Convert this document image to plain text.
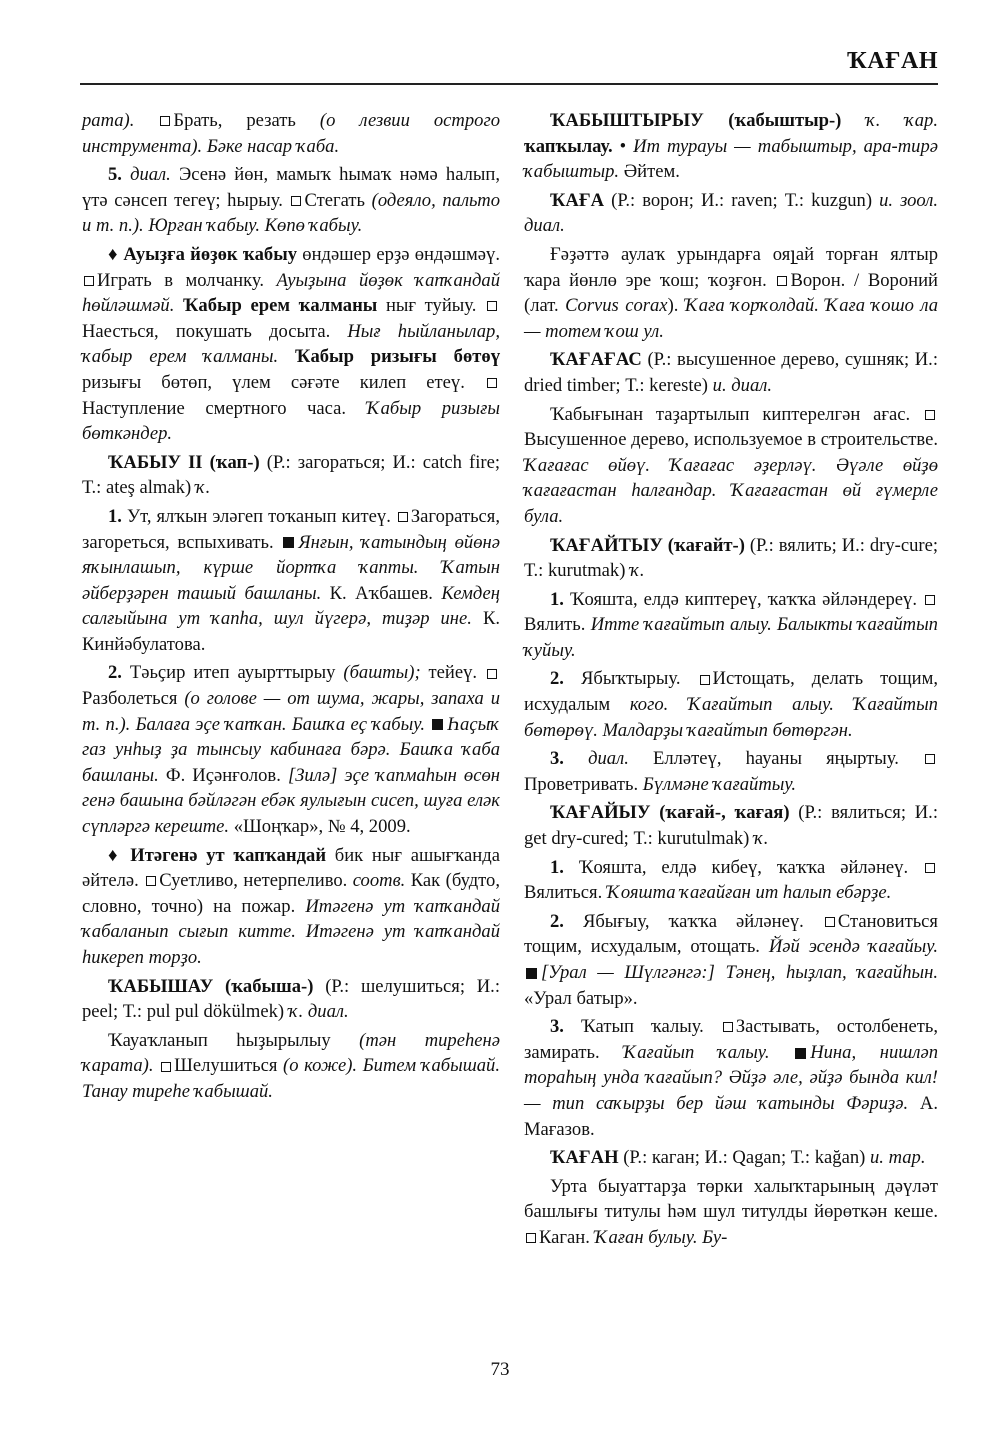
ҠАҒАН

рата). Брать, резать (о лезвии острого инструмента). Бәке насар ҡаба.

5. диал. Эсенә йөн, мамыҡ һымаҡ нәмә һалып, үтә сәнсеп тегеү; һырыу. Стегать (одеяло, пальто и т. п.). Юрған ҡабыу. Көпө ҡабыу.

♦ Ауыҙға йөҙөк ҡабыу өндәшер ерҙә өндәшмәү. Играть в молчанку. Ауыҙына йөҙөк ҡапҡандай һөйләшмәй. Ҡабыр ерем ҡалманы нығ туйыу. Наесться, покушать досыта. Нығ һыйланылар, ҡабыр ерем ҡалманы. Ҡабыр ризығы бөтөү ризығы бөтөп, үлем сәғәте килеп етеү. Наступление смертного часа. Ҡабыр ризығы бөткәндер.

ҠАБЫУ II (ҡап-) (Р.: загораться; И.: catch fire; Т.: ateş almak) ҡ.

1. Ут, ялҡын эләгеп тоҡанып китеү. Загораться, загореться, вспыхивать. Янғын, ҡатындың өйөнә яҡынлашып, күрше йортҡа ҡапты. Ҡатын әйберҙәрен ташый башланы. К. Аҡбашев. Кемдең салғыйына ут ҡапһа, шул йүгерә, тиҙәр ине. К. Кинйәбулатова.

2. Тәьҫир итеп ауырттырыу (башты); тейеү. Разболеться (о голове — от шума, жары, запаха и т. п.). Балаға эҫе ҡапҡан. Башҡа еҫ ҡабыу. Һаҫыҡ газ унһыҙ ҙа тынсыу кабинаға бәрә. Башҡа ҡаба башланы. Ф. Иҫәнғолов. [Зилә] эҫе ҡапмаһын өсөн генә башына бәйләгән ебәк яулығын сисеп, шуға еләк сүпләргә кереште. «Шоңҡар», № 4, 2009.

♦ Итәгенә ут ҡапҡандай бик нығ ашығҡанда әйтелә. Суетливо, нетерпеливо. соотв. Как (будто, словно, точно) на пожар. Итәгенә ут ҡапҡандай ҡабаланып сығып китте. Итәгенә ут ҡапҡандай һикереп торҙо.

ҠАБЫШАУ (ҡабыша-) (Р.: шелушиться; И.: peel; Т.: pul pul dökülmek) ҡ. диал.

Ҡауаҡланып һыҙырылыу (тән тиреһенә ҡарата). Шелушиться (о коже). Битем ҡабышай. Танау тиреһе ҡабышай.

ҠАБЫШТЫРЫУ (ҡабыштыр-) ҡ. ҡар. ҡапҡылау. • Ит турауы — табыштыр, ара-тирә ҡабыштыр. Әйтем.

ҠАҒА (Р.: ворон; И.: raven; Т.: kuzgun) и. зоол. диал.

Ғәҙәттә аулаҡ урындарға ояլай торған ялтыр ҡара йөнлө эре ҡош; ҡоҙғон. Ворон. / Вороний (лат. Corvus corax). Ҡаға ҡорҡолдай. Ҡаға ҡошо ла — тотем ҡош ул.

ҠАҒАҒАС (Р.: высушенное дерево, сушняк; И.: dried timber; Т.: kereste) и. диал.

Ҡабығынан таҙартылып киптерелгән ағас. Высушенное дерево, используемое в строительстве. Ҡағағас өйөү. Ҡағағас әҙерләү. Әүәле өйҙө ҡағағастан һалғандар. Ҡағағастан өй ғүмерле була.

ҠАҒАЙТЫУ (ҡағайт-) (Р.: вялить; И.: dry-cure; Т.: kurutmak) ҡ.

1. Ҡояшта, елдә киптереү, ҡаҡҡа әйләндереү. Вялить. Итте ҡағайтып алыу. Балыкты ҡағайтып ҡуйыу.

2. Ябыҡтырыу. Истощать, делать тощим, исхудалым кого. Ҡағайтып алыу. Ҡағайтып бөтөрөү. Малдарҙы ҡағайтып бөтөргән.

3. диал. Елләтеү, һауаны яңыртыу. Проветривать. Бүлмәне ҡағайтыу.

ҠАҒАЙЫУ (ҡағай-, ҡағая) (Р.: вялиться; И.: get dry-cured; Т.: kurutulmak) ҡ.

1. Ҡояшта, елдә кибеү, ҡаҡҡа әйләнеү. Вялиться. Ҡояшта ҡағайған ит һалып ебәрҙе.

2. Ябығыу, ҡаҡҡа әйләнеү. Становиться тощим, исхудалым, отощать. Йәй эсендә ҡағайыу. [Урал — Шүлгәнгә:] Тәнең, һыҙлап, ҡағайһын. «Урал батыр».

3. Ҡатып ҡалыу. Застывать, остолбенеть, замирать. Ҡағайып ҡалыу. Нина, нишләп тораһың унда ҡағайып? Әйҙә әле, әйҙә бында кил! — тип саҡырҙы бер йәш ҡатынды Фәриҙә. А. Мағазов.

ҠАҒАН (Р.: каган; И.: Qagan; Т.: kağan) и. тар.

Урта быуаттарҙа төрки халыҡтарының дәүләт башлығы титулы һәм шул титулды йөрөткән кеше. Каган. Ҡаған булыу. Бу-

73
